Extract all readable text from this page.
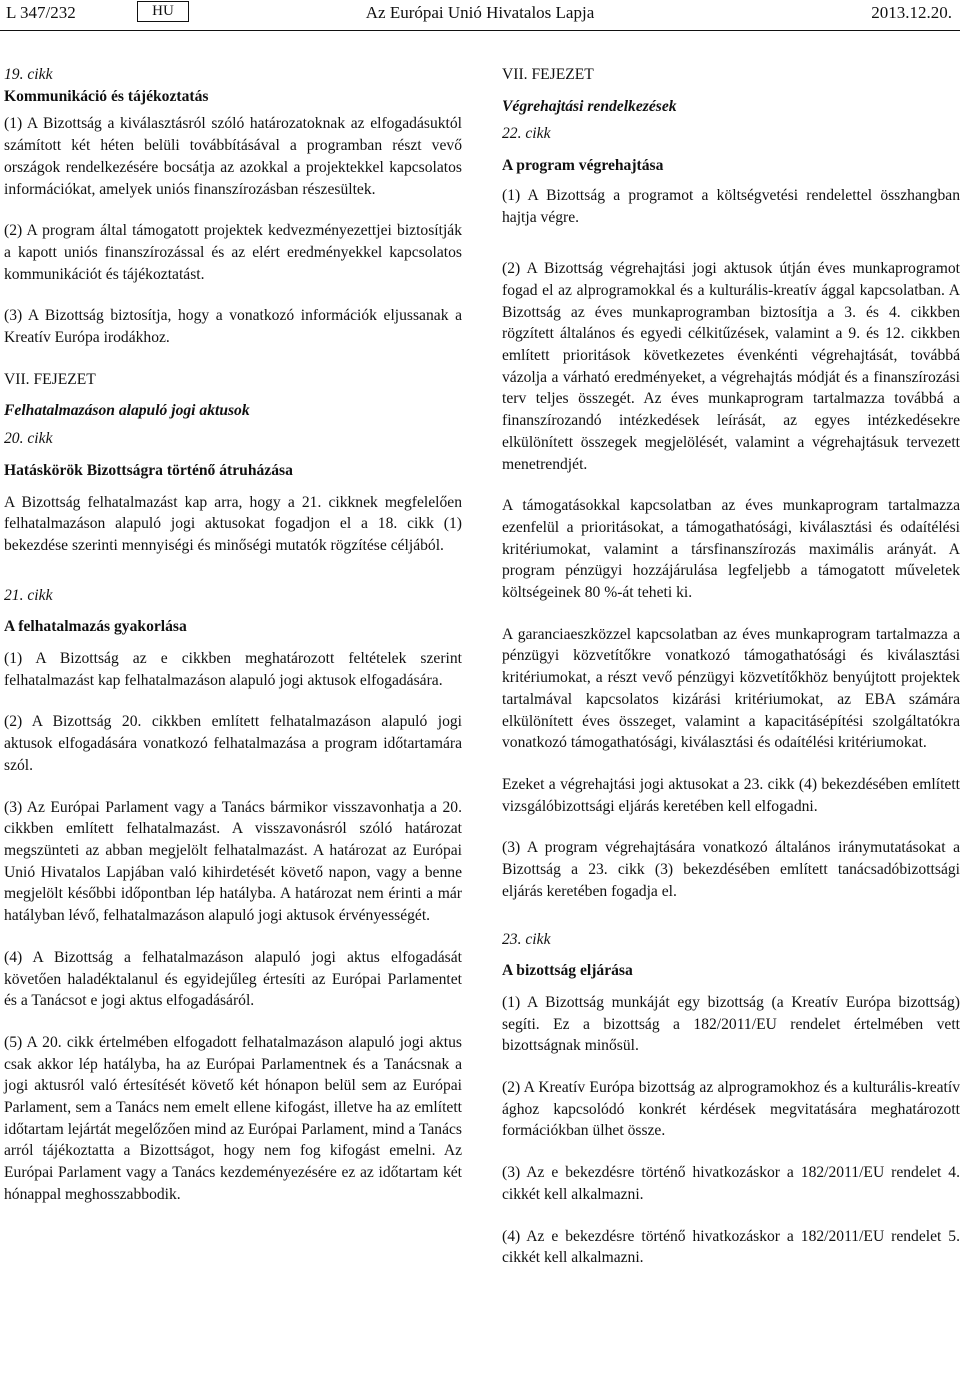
L 347/232	HU	Az Európai Unió Hivatalos Lapja	2013.12.20.

19. cikk

Kommunikáció és tájékoztatás

(1) A Bizottság a kiválasztásról szóló határozatoknak az elfogadásuktól számított két héten belüli továbbításával a programban részt vevő országok rendelkezésére bocsátja az azokkal a projektekkel kapcsolatos információkat, amelyek uniós finanszírozásban részesültek.

(2) A program által támogatott projektek kedvezményezettjei biztosítják a kapott uniós finanszírozással és az elért eredményekkel kapcsolatos kommunikációt és tájékoztatást.

(3) A Bizottság biztosítja, hogy a vonatkozó információk eljussanak a Kreatív Európa irodákhoz.

VII. FEJEZET

Felhatalmazáson alapuló jogi aktusok

20. cikk

Hatáskörök Bizottságra történő átruházása

A Bizottság felhatalmazást kap arra, hogy a 21. cikknek megfelelően felhatalmazáson alapuló jogi aktusokat fogadjon el a 18. cikk (1) bekezdése szerinti mennyiségi és minőségi mutatók rögzítése céljából.

21. cikk

A felhatalmazás gyakorlása

(1) A Bizottság az e cikkben meghatározott feltételek szerint felhatalmazást kap felhatalmazáson alapuló jogi aktusok elfogadására.

(2) A Bizottság 20. cikkben említett felhatalmazáson alapuló jogi aktusok elfogadására vonatkozó felhatalmazása a program időtartamára szól.

(3) Az Európai Parlament vagy a Tanács bármikor visszavonhatja a 20. cikkben említett felhatalmazást. A visszavonásról szóló határozat megszünteti az abban megjelölt felhatalmazást. A határozat az Európai Unió Hivatalos Lapjában való kihirdetését követő napon, vagy a benne megjelölt későbbi időpontban lép hatályba. A határozat nem érinti a már hatályban lévő, felhatalmazáson alapuló jogi aktusok érvényességét.

(4) A Bizottság a felhatalmazáson alapuló jogi aktus elfogadását követően haladéktalanul és egyidejűleg értesíti az Európai Parlamentet és a Tanácsot e jogi aktus elfogadásáról.

(5) A 20. cikk értelmében elfogadott felhatalmazáson alapuló jogi aktus csak akkor lép hatályba, ha az Európai Parlamentnek és a Tanácsnak a jogi aktusról való értesítését követő két hónapon belül sem az Európai Parlament, sem a Tanács nem emelt ellene kifogást, illetve ha az említett időtartam lejártát megelőzően mind az Európai Parlament, mind a Tanács arról tájékoztatta a Bizottságot, hogy nem fog kifogást emelni. Az Európai Parlament vagy a Tanács kezdeményezésére ez az időtartam két hónappal meghosszabbodik.

VII. FEJEZET

Végrehajtási rendelkezések

22. cikk

A program végrehajtása

(1) A Bizottság a programot a költségvetési rendelettel összhangban hajtja végre.

(2) A Bizottság végrehajtási jogi aktusok útján éves munkaprogramot fogad el az alprogramokkal és a kulturális-kreatív ággal kapcsolatban. A Bizottság az éves munkaprogramban biztosítja a 3. és 4. cikkben rögzített általános és egyedi célkitűzések, valamint a 9. és 12. cikkben említett prioritások következetes évenkénti végrehajtását, továbbá vázolja a várható eredményeket, a végrehajtás módját és a finanszírozási terv teljes összegét. Az éves munkaprogram tartalmazza továbbá a finanszírozandó intézkedések leírását, az egyes intézkedésekre elkülönített összegek megjelölését, valamint a végrehajtásuk tervezett menetrendjét.

A támogatásokkal kapcsolatban az éves munkaprogram tartalmazza ezenfelül a prioritásokat, a támogathatósági, kiválasztási és odaítélési kritériumokat, valamint a társfinanszírozás maximális arányát. A program pénzügyi hozzájárulása legfeljebb a támogatott műveletek költségeinek 80 %-át teheti ki.

A garanciaeszközzel kapcsolatban az éves munkaprogram tartalmazza a pénzügyi közvetítőkre vonatkozó támogathatósági és kiválasztási kritériumokat, a részt vevő pénzügyi közvetítőkhöz benyújtott projektek tartalmával kapcsolatos kizárási kritériumokat, az EBA számára elkülönített éves összeget, valamint a kapacitásépítési szolgáltatókra vonatkozó támogathatósági, kiválasztási és odaítélési kritériumokat.

Ezeket a végrehajtási jogi aktusokat a 23. cikk (4) bekezdésében említett vizsgálóbizottsági eljárás keretében kell elfogadni.

(3) A program végrehajtására vonatkozó általános iránymutatásokat a Bizottság a 23. cikk (3) bekezdésében említett tanácsadóbizottsági eljárás keretében fogadja el.

23. cikk

A bizottság eljárása

(1) A Bizottság munkáját egy bizottság (a Kreatív Európa bizottság) segíti. Ez a bizottság a 182/2011/EU rendelet értelmében vett bizottságnak minősül.

(2) A Kreatív Európa bizottság az alprogramokhoz és a kulturális-kreatív ághoz kapcsolódó konkrét kérdések megvitatására meghatározott formációkban ülhet össze.

(3) Az e bekezdésre történő hivatkozáskor a 182/2011/EU rendelet 4. cikkét kell alkalmazni.

(4) Az e bekezdésre történő hivatkozáskor a 182/2011/EU rendelet 5. cikkét kell alkalmazni.
